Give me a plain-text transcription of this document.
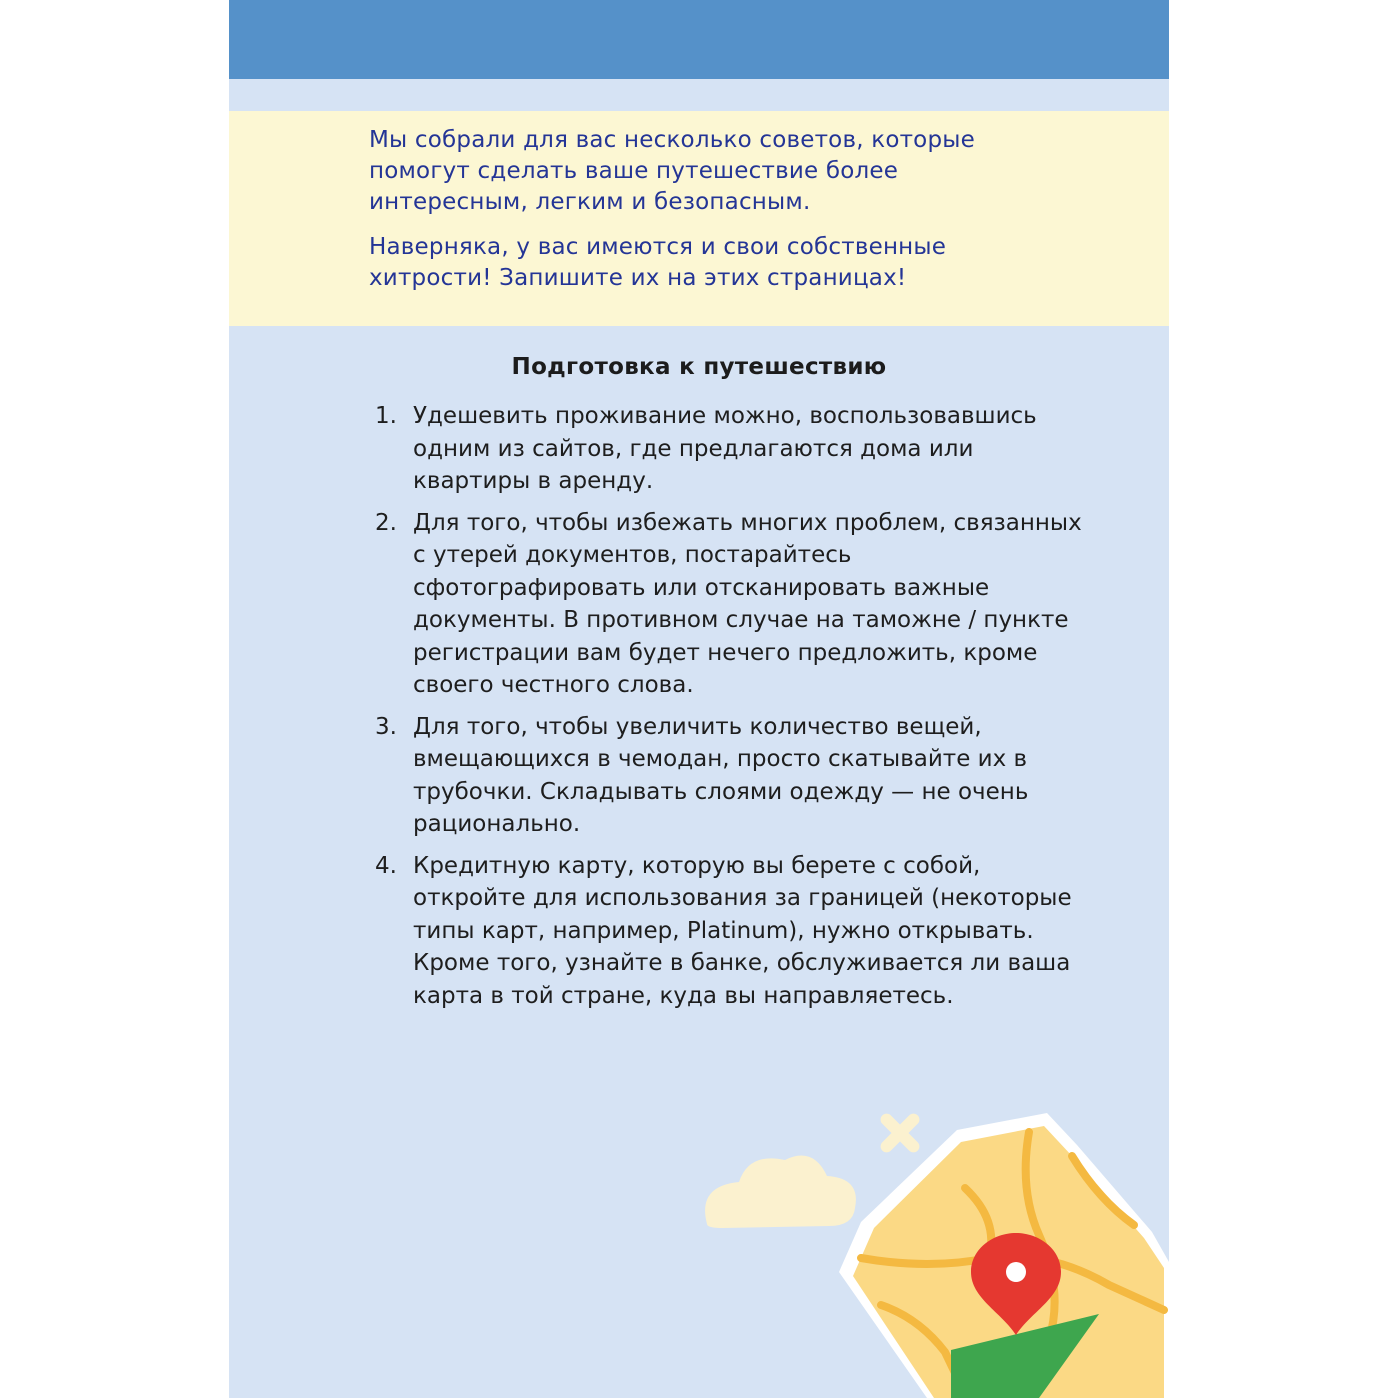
Мы собрали для вас несколько советов, которые помогут сделать ваше путешествие более интересным, легким и безопасным.

Наверняка, у вас имеются и свои собственные хитрости! Запишите их на этих страницах!

Подготовка к путешествию
1. Удешевить проживание можно, воспользовавшись одним из сайтов, где предлагаются дома или квартиры в аренду.
2. Для того, чтобы избежать многих проблем, связанных с утерей документов, постарайтесь сфотографировать или отсканировать важные документы. В противном случае на таможне / пункте регистрации вам будет нечего предложить, кроме своего честного слова.
3. Для того, чтобы увеличить количество вещей, вмещающихся в чемодан, просто скатывайте их в трубочки. Складывать слоями одежду — не очень рационально.
4. Кредитную карту, которую вы берете с собой, откройте для использования за границей (некоторые типы карт, например, Platinum), нужно открывать. Кроме того, узнайте в банке, обслуживается ли ваша карта в той стране, куда вы направляетесь.
